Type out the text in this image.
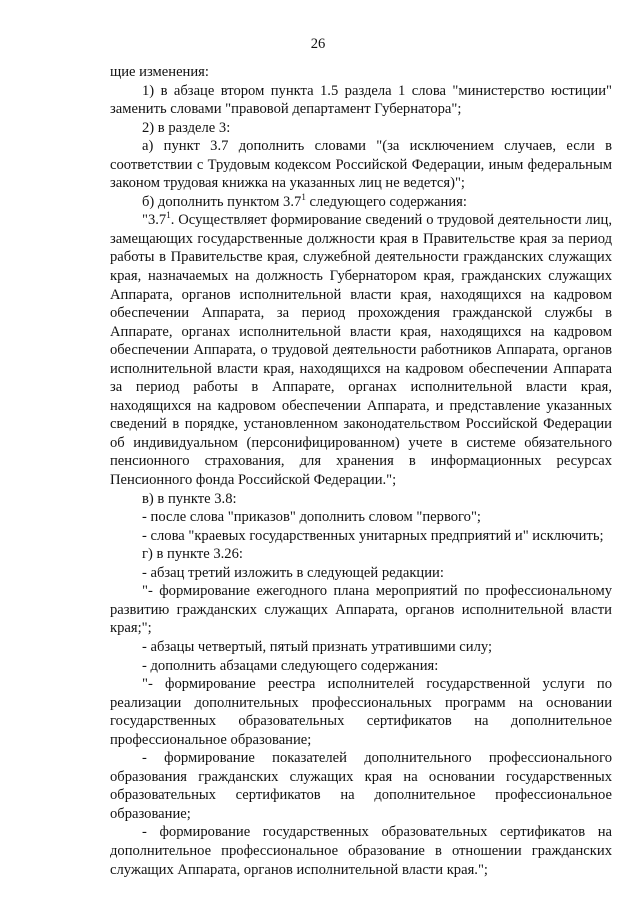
26

щие изменения:

1) в абзаце втором пункта 1.5 раздела 1 слова "министерство юстиции" заменить словами "правовой департамент Губернатора";

2) в разделе 3:

а) пункт 3.7 дополнить словами "(за исключением случаев, если в соответствии с Трудовым кодексом Российской Федерации, иным федеральным законом трудовая книжка на указанных лиц не ведется)";

б) дополнить пунктом $3.7^1$ следующего содержания:

"$3.7^1$. Осуществляет формирование сведений о трудовой деятельности лиц, замещающих государственные должности края в Правительстве края за период работы в Правительстве края, служебной деятельности гражданских служащих края, назначаемых на должность Губернатором края, гражданских служащих Аппарата, органов исполнительной власти края, находящихся на кадровом обеспечении Аппарата, за период прохождения гражданской службы в Аппарате, органах исполнительной власти края, находящихся на кадровом обеспечении Аппарата, о трудовой деятельности работников Аппарата, органов исполнительной власти края, находящихся на кадровом обеспечении Аппарата за период работы в Аппарате, органах исполнительной власти края, находящихся на кадровом обеспечении Аппарата, и представление указанных сведений в порядке, установленном законодательством Российской Федерации об индивидуальном (персонифицированном) учете в системе обязательного пенсионного страхования, для хранения в информационных ресурсах Пенсионного фонда Российской Федерации.";

в) в пункте 3.8:

- после слова "приказов" дополнить словом "первого";

- слова "краевых государственных унитарных предприятий и" исключить;

г) в пункте 3.26:

- абзац третий изложить в следующей редакции:

"- формирование ежегодного плана мероприятий по профессиональному развитию гражданских служащих Аппарата, органов исполнительной власти края;";

- абзацы четвертый, пятый признать утратившими силу;

- дополнить абзацами следующего содержания:

"- формирование реестра исполнителей государственной услуги по реализации дополнительных профессиональных программ на основании государственных образовательных сертификатов на дополнительное профессиональное образование;

- формирование показателей дополнительного профессионального образования гражданских служащих края на основании государственных образовательных сертификатов на дополнительное профессиональное образование;

- формирование государственных образовательных сертификатов на дополнительное профессиональное образование в отношении гражданских служащих Аппарата, органов исполнительной власти края.";
